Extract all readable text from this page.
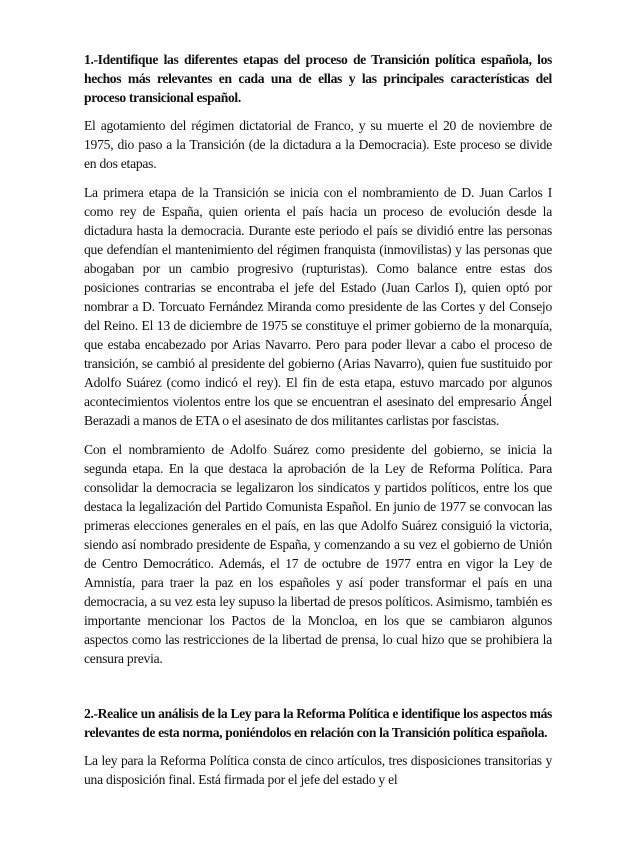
1.-Identifique las diferentes etapas del proceso de Transición política española, los hechos más relevantes en cada una de ellas y las principales características del proceso transicional español.
El agotamiento del régimen dictatorial de Franco, y su muerte el 20 de noviembre de 1975, dio paso a la Transición (de la dictadura a la Democracia). Este proceso se divide en dos etapas.
La primera etapa de la Transición se inicia con el nombramiento de D. Juan Carlos I como rey de España, quien orienta el país hacia un proceso de evolución desde la dictadura hasta la democracia. Durante este periodo el país se dividió entre las personas que defendían el mantenimiento del régimen franquista (inmovilistas) y las personas que abogaban por un cambio progresivo (rupturistas). Como balance entre estas dos posiciones contrarias se encontraba el jefe del Estado (Juan Carlos I), quien optó por nombrar a D. Torcuato Fernández Miranda como presidente de las Cortes y del Consejo del Reino. El 13 de diciembre de 1975 se constituye el primer gobierno de la monarquía, que estaba encabezado por Arias Navarro. Pero para poder llevar a cabo el proceso de transición, se cambió al presidente del gobierno (Arias Navarro), quien fue sustituido por Adolfo Suárez (como indicó el rey). El fin de esta etapa, estuvo marcado por algunos acontecimientos violentos entre los que se encuentran el asesinato del empresario Ángel Berazadi a manos de ETA o el asesinato de dos militantes carlistas por fascistas.
Con el nombramiento de Adolfo Suárez como presidente del gobierno, se inicia la segunda etapa. En la que destaca la aprobación de la Ley de Reforma Política. Para consolidar la democracia se legalizaron los sindicatos y partidos políticos, entre los que destaca la legalización del Partido Comunista Español. En junio de 1977 se convocan las primeras elecciones generales en el país, en las que Adolfo Suárez consiguió la victoria, siendo así nombrado presidente de España, y comenzando a su vez el gobierno de Unión de Centro Democrático. Además, el 17 de octubre de 1977 entra en vigor la Ley de Amnistía, para traer la paz en los españoles y así poder transformar el país en una democracia, a su vez esta ley supuso la libertad de presos políticos. Asimismo, también es importante mencionar los Pactos de la Moncloa, en los que se cambiaron algunos aspectos como las restricciones de la libertad de prensa, lo cual hizo que se prohibiera la censura previa.
2.-Realice un análisis de la Ley para la Reforma Política e identifique los aspectos más relevantes de esta norma, poniéndolos en relación con la Transición política española.
La ley para la Reforma Política consta de cinco artículos, tres disposiciones transitorias y una disposición final. Está firmada por el jefe del estado y el
